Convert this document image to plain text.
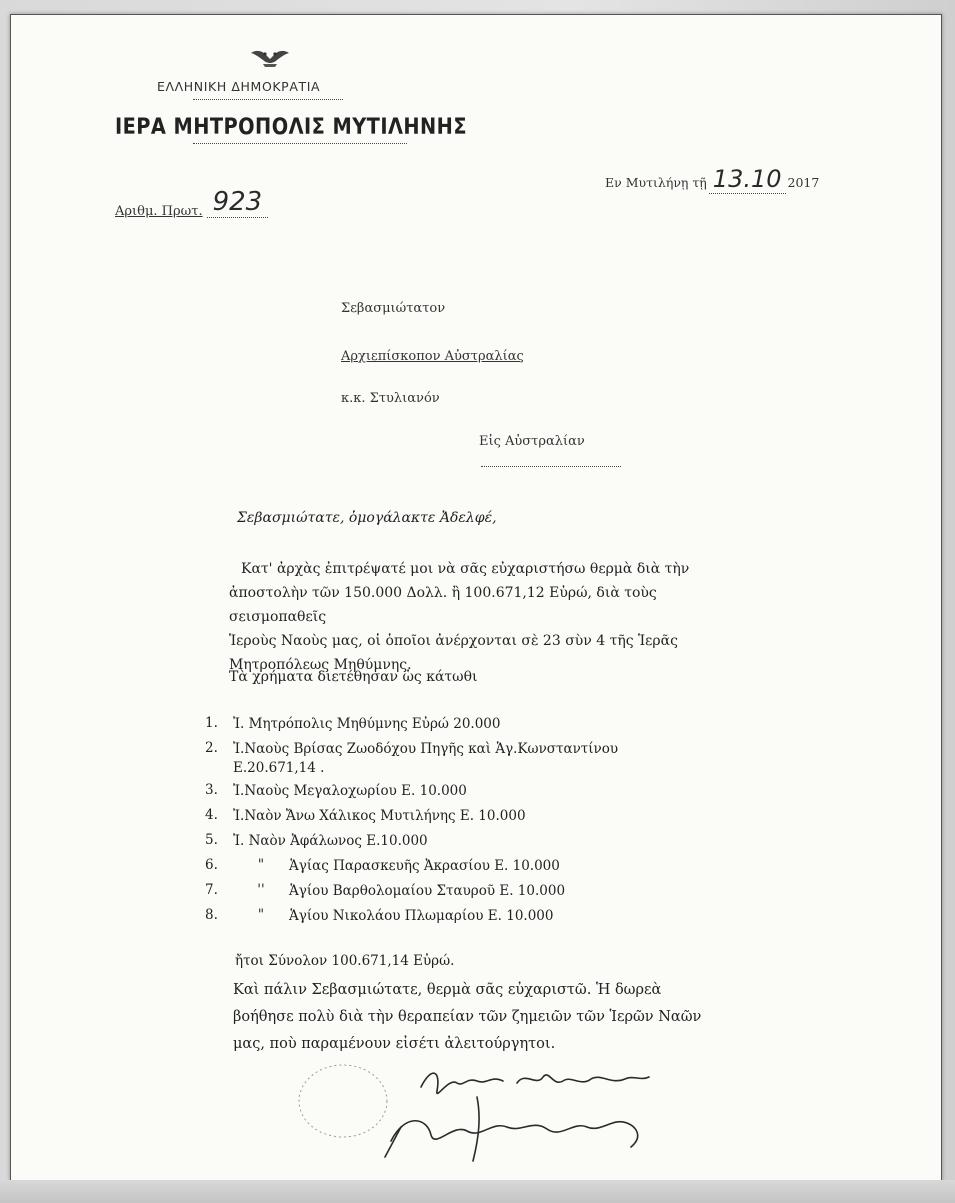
ΕΛΛΗΝΙΚΗ ΔΗΜΟΚΡΑΤΙΑ
ΙΕΡΑ ΜΗΤΡΟΠΟΛΙΣ ΜΥΤΙΛΗΝΗΣ
Αριθμ. Πρωτ. 923
Εν Μυτιλήνῃ τῇ 13.10 2017
Σεβασμιώτατον
Αρχιεπίσκοπον Αὐστραλίας
κ.κ. Στυλιανόν
Εἰς Αὐστραλίαν
Σεβασμιώτατε, ὁμογάλακτε Ἀδελφέ,
Κατ' ἀρχὰς ἐπιτρέψατέ μοι νὰ σᾶς εὐχαριστήσω θερμὰ διὰ τὴν
ἀποστολὴν τῶν 150.000 Δολλ. ἢ 100.671,12 Εὐρώ, διὰ τοὺς σεισμοπαθεῖς
Ἱεροὺς Ναοὺς μας, οἱ ὁποῖοι ἀνέρχονται σὲ 23 σὺν 4 τῆς Ἱερᾶς
Μητροπόλεως Μηθύμνης.
Τὰ χρήματα διετέθησαν ὡς κάτωθι
1.	Ἰ. Μητρόπολις Μηθύμνης Εὐρώ 20.000
2.	Ἰ.Ναοὺς Βρίσας Ζωοδόχου Πηγῆς καὶ Ἁγ.Κωνσταντίνου
Ε.20.671,14 .
3.	Ἰ.Ναοὺς Μεγαλοχωρίου Ε. 10.000
4.	Ἰ.Ναὸν Ἄνω Χάλικος Μυτιλήνης Ε. 10.000
5.	Ἰ. Ναὸν Ἀφάλωνος Ε.10.000
6.	"	Ἁγίας Παρασκευῆς Ἀκρασίου Ε. 10.000
7.	''	Ἁγίου Βαρθολομαίου Σταυροῦ Ε. 10.000
8.	"	Ἁγίου Νικολάου Πλωμαρίου Ε. 10.000
ἤτοι Σύνολον 100.671,14 Εὐρώ.
Καὶ πάλιν Σεβασμιώτατε, θερμὰ σᾶς εὐχαριστῶ. Ἡ δωρεὰ
βοήθησε πολὺ διὰ τὴν θεραπείαν τῶν ζημειῶν τῶν Ἱερῶν Ναῶν
μας, ποὺ παραμένουν εἰσέτι ἀλειτούργητοι.
